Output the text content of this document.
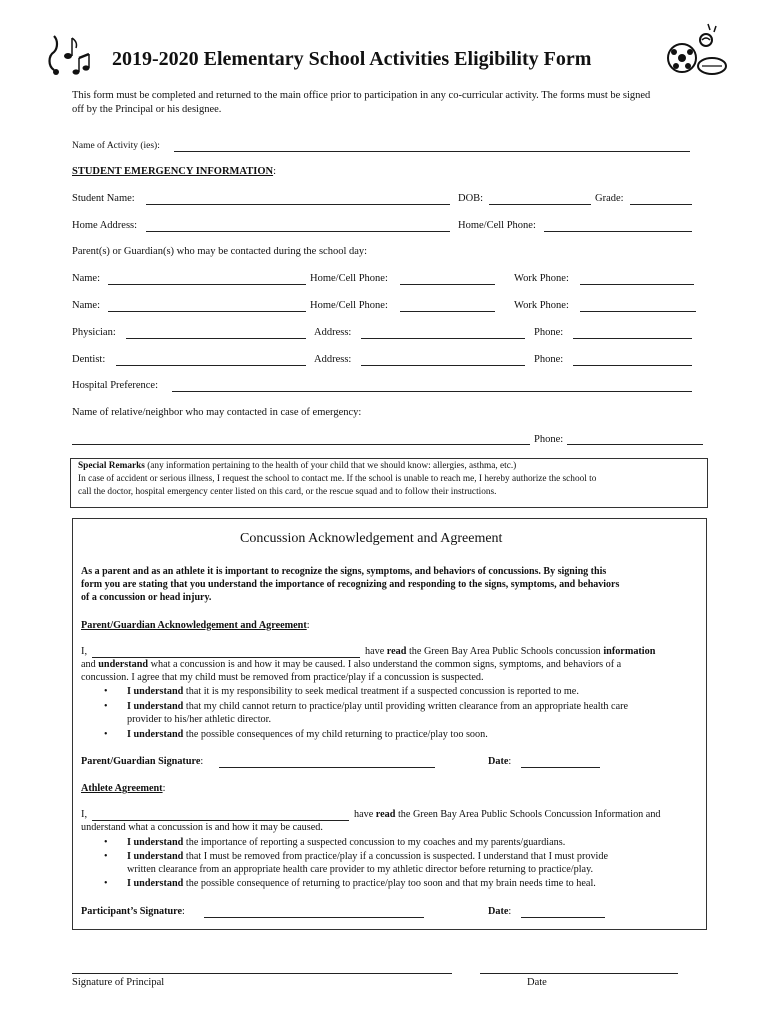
2019-2020 Elementary School Activities Eligibility Form
This form must be completed and returned to the main office prior to participation in any co-curricular activity. The forms must be signed
off by the Principal or his designee.
Name of Activity (ies):
STUDENT EMERGENCY INFORMATION:
Student Name:	DOB:	Grade:
Home Address:	Home/Cell Phone:
Parent(s) or Guardian(s) who may be contacted during the school day:
Name:	Home/Cell Phone:	Work Phone:
Name:	Home/Cell Phone:	Work Phone:
Physician:	Address:	Phone:
Dentist:	Address:	Phone:
Hospital Preference:
Name of relative/neighbor who may contacted in case of emergency:
Phone:
Special Remarks (any information pertaining to the health of your child that we should know: allergies, asthma, etc.)
In case of accident or serious illness, I request the school to contact me. If the school is unable to reach me, I hereby authorize the school to
call the doctor, hospital emergency center listed on this card, or the rescue squad and to follow their instructions.
Concussion Acknowledgement and Agreement
As a parent and as an athlete it is important to recognize the signs, symptoms, and behaviors of concussions. By signing this
form you are stating that you understand the importance of recognizing and responding to the signs, symptoms, and behaviors
of a concussion or head injury.
Parent/Guardian Acknowledgement and Agreement:
I,	have read the Green Bay Area Public Schools concussion information
and understand what a concussion is and how it may be caused. I also understand the common signs, symptoms, and behaviors of a
concussion. I agree that my child must be removed from practice/play if a concussion is suspected.
• I understand that it is my responsibility to seek medical treatment if a suspected concussion is reported to me.
• I understand that my child cannot return to practice/play until providing written clearance from an appropriate health care
provider to his/her athletic director.
• I understand the possible consequences of my child returning to practice/play too soon.
Parent/Guardian Signature:	Date:
Athlete Agreement:
I,	have read the Green Bay Area Public Schools Concussion Information and
understand what a concussion is and how it may be caused.
• I understand the importance of reporting a suspected concussion to my coaches and my parents/guardians.
• I understand that I must be removed from practice/play if a concussion is suspected. I understand that I must provide
written clearance from an appropriate health care provider to my athletic director before returning to practice/play.
• I understand the possible consequence of returning to practice/play too soon and that my brain needs time to heal.
Participant’s Signature:	Date:
Signature of Principal	Date
